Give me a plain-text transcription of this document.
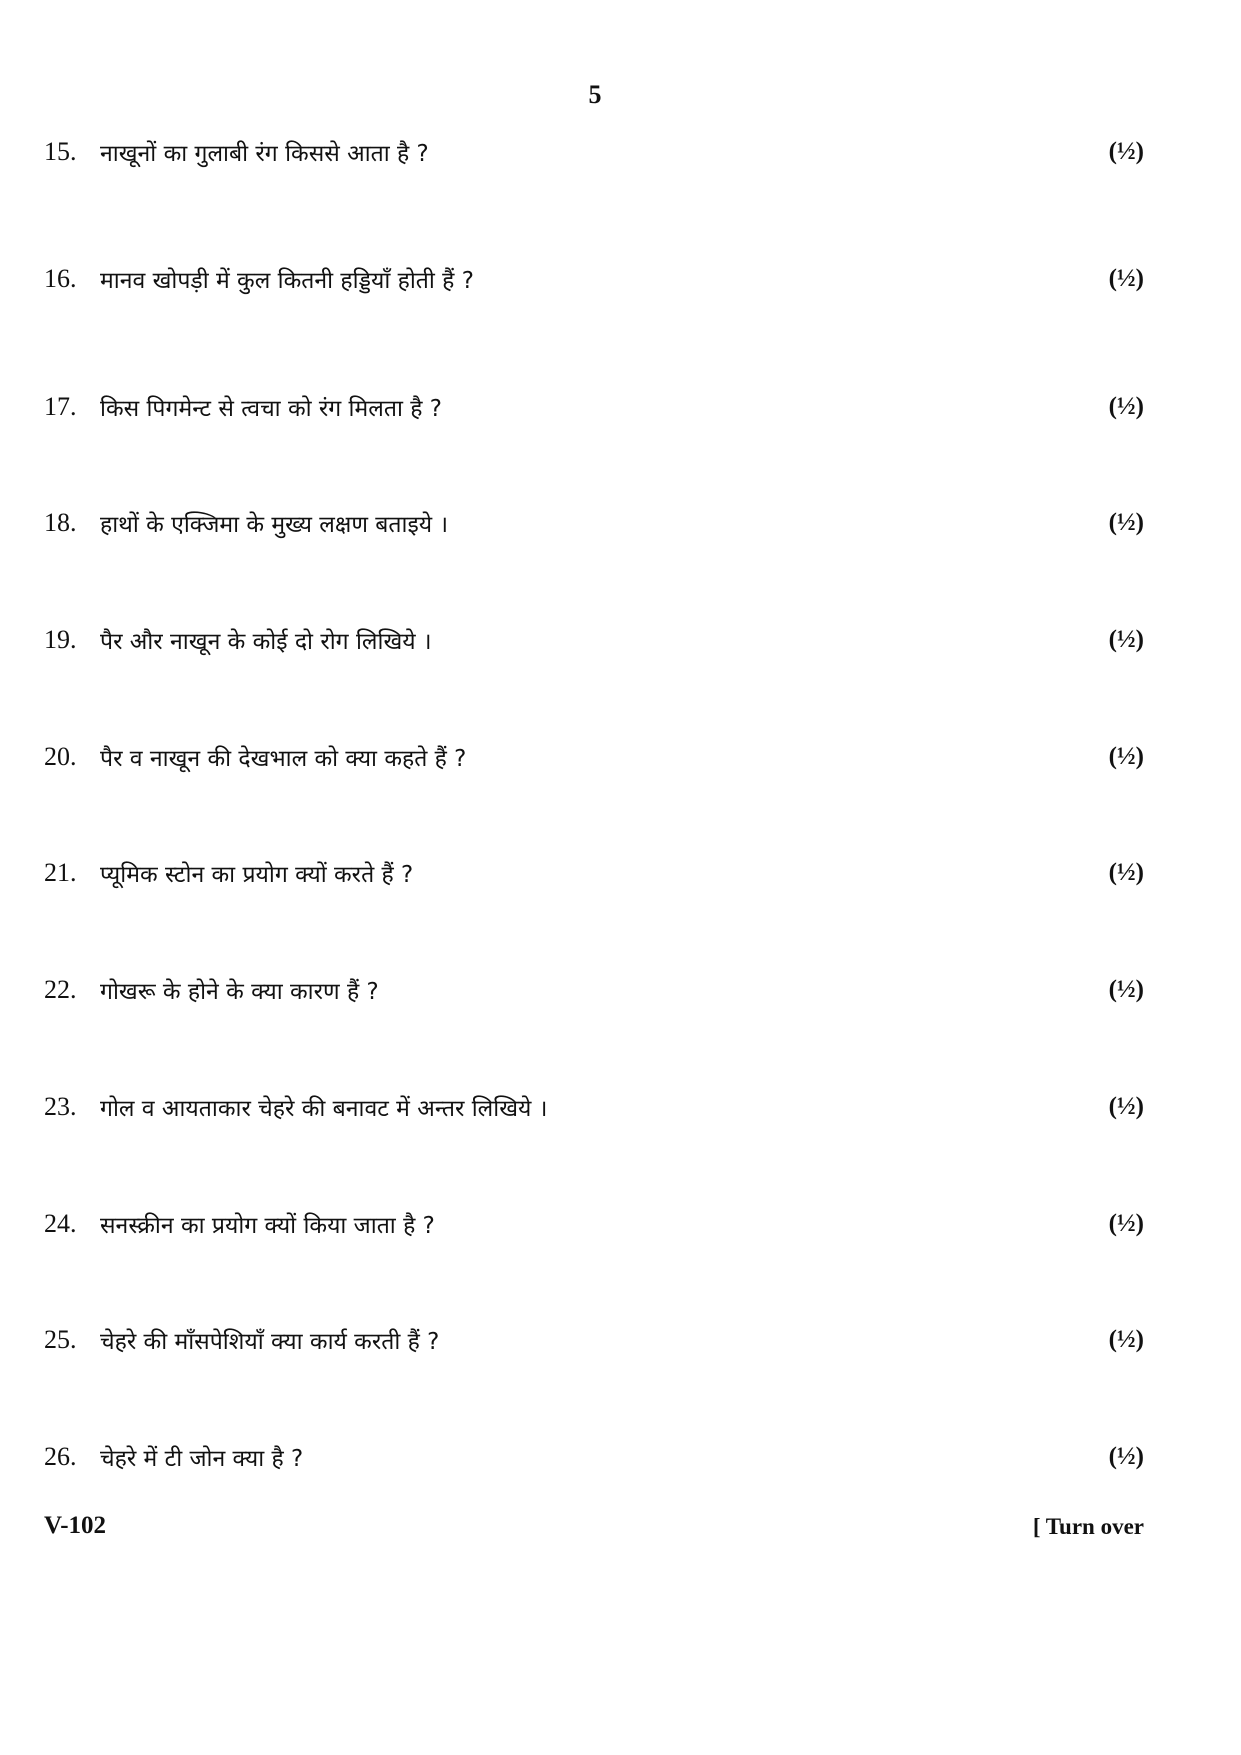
5
15.	नाखूनों का गुलाबी रंग किससे आता है ?	(½)
16.	मानव खोपड़ी में कुल कितनी हड्डियाँ होती हैं ?	(½)
17.	किस पिगमेन्ट से त्वचा को रंग मिलता है ?	(½)
18.	हाथों के एक्जिमा के मुख्य लक्षण बताइये ।	(½)
19.	पैर और नाखून के कोई दो रोग लिखिये ।	(½)
20.	पैर व नाखून की देखभाल को क्या कहते हैं ?	(½)
21.	प्यूमिक स्टोन का प्रयोग क्यों करते हैं ?	(½)
22.	गोखरू के होने के क्या कारण हैं ?	(½)
23.	गोल व आयताकार चेहरे की बनावट में अन्तर लिखिये ।	(½)
24.	सनस्क्रीन का प्रयोग क्यों किया जाता है ?	(½)
25.	चेहरे की माँसपेशियाँ क्या कार्य करती हैं ?	(½)
26.	चेहरे में टी जोन क्या है ?	(½)
V-102	[ Turn over
